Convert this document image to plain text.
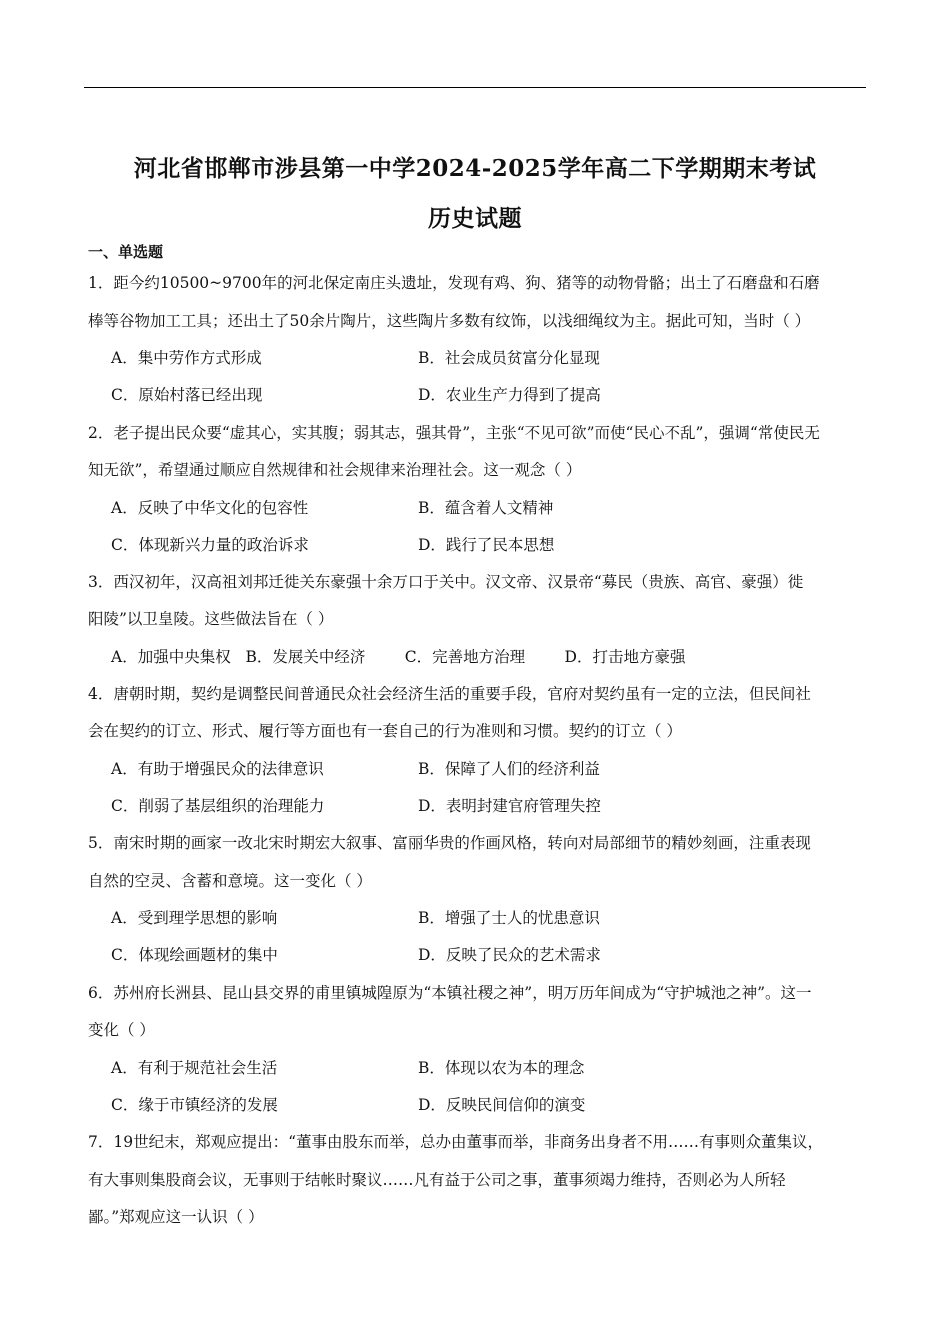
河北省邯郸市涉县第一中学2024-2025学年高二下学期期末考试
历史试题
一、单选题
1．距今约10500~9700年的河北保定南庄头遗址，发现有鸡、狗、猪等的动物骨骼；出土了石磨盘和石磨
棒等谷物加工工具；还出土了50余片陶片，这些陶片多数有纹饰，以浅细绳纹为主。据此可知，当时（ ）
A．集中劳作方式形成	B．社会成员贫富分化显现
C．原始村落已经出现	D．农业生产力得到了提高
2．老子提出民众要“虚其心，实其腹；弱其志，强其骨”，主张“不见可欲”而使“民心不乱”，强调“常使民无
知无欲”，希望通过顺应自然规律和社会规律来治理社会。这一观念（ ）
A．反映了中华文化的包容性	B．蕴含着人文精神
C．体现新兴力量的政治诉求	D．践行了民本思想
3．西汉初年，汉高祖刘邦迁徙关东豪强十余万口于关中。汉文帝、汉景帝“募民（贵族、高官、豪强）徙
阳陵”以卫皇陵。这些做法旨在（ ）
A．加强中央集权   B．发展关中经济        C．完善地方治理        D．打击地方豪强
4．唐朝时期，契约是调整民间普通民众社会经济生活的重要手段，官府对契约虽有一定的立法，但民间社
会在契约的订立、形式、履行等方面也有一套自己的行为准则和习惯。契约的订立（ ）
A．有助于增强民众的法律意识	B．保障了人们的经济利益
C．削弱了基层组织的治理能力	D．表明封建官府管理失控
5．南宋时期的画家一改北宋时期宏大叙事、富丽华贵的作画风格，转向对局部细节的精妙刻画，注重表现
自然的空灵、含蓄和意境。这一变化（ ）
A．受到理学思想的影响	B．增强了士人的忧患意识
C．体现绘画题材的集中	D．反映了民众的艺术需求
6．苏州府长洲县、昆山县交界的甫里镇城隍原为“本镇社稷之神”，明万历年间成为“守护城池之神”。这一
变化（ ）
A．有利于规范社会生活	B．体现以农为本的理念
C．缘于市镇经济的发展	D．反映民间信仰的演变
7．19世纪末，郑观应提出：“董事由股东而举，总办由董事而举，非商务出身者不用……有事则众董集议，
有大事则集股商会议，无事则于结帐时聚议……凡有益于公司之事，董事须竭力维持，否则必为人所轻
鄙。”郑观应这一认识（ ）
